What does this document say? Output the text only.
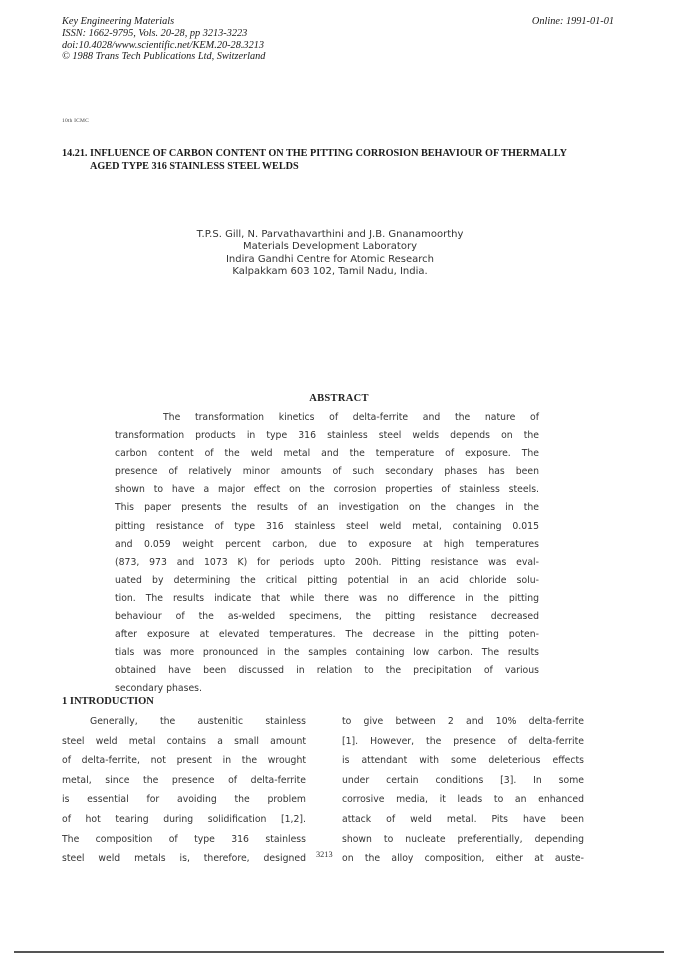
Key Engineering Materials
ISSN: 1662-9795, Vols. 20-28, pp 3213-3223
doi:10.4028/www.scientific.net/KEM.20-28.3213
© 1988 Trans Tech Publications Ltd, Switzerland
Online: 1991-01-01
10th ICMC
14.21. INFLUENCE OF CARBON CONTENT ON THE PITTING CORROSION BEHAVIOUR OF THERMALLY
AGED TYPE 316 STAINLESS STEEL WELDS
T.P.S. Gill, N. Parvathavarthini and J.B. Gnanamoorthy
Materials Development Laboratory
Indira Gandhi Centre for Atomic Research
Kalpakkam 603 102, Tamil Nadu, India.
ABSTRACT
The transformation kinetics of delta-ferrite and the nature of
transformation products in type 316 stainless steel welds depends on the
carbon content of the weld metal and the temperature of exposure. The
presence of relatively minor amounts of such secondary phases has been
shown to have a major effect on the corrosion properties of stainless steels.
This paper presents the results of an investigation on the changes in the
pitting resistance of type 316 stainless steel weld metal, containing 0.015
and 0.059 weight percent carbon, due to exposure at high temperatures
(873, 973 and 1073 K) for periods upto 200h. Pitting resistance was eval-
uated by determining the critical pitting potential in an acid chloride solu-
tion. The results indicate that while there was no difference in the pitting
behaviour of the as-welded specimens, the pitting resistance decreased
after exposure at elevated temperatures. The decrease in the pitting poten-
tials was more pronounced in the samples containing low carbon. The results
obtained have been discussed in relation to the precipitation of various
secondary phases.
1 INTRODUCTION
Generally, the austenitic stainless
steel weld metal contains a small amount
of delta-ferrite, not present in the wrought
metal, since the presence of delta-ferrite
is essential for avoiding the problem
of hot tearing during solidification [1,2].
The composition of type 316 stainless
steel weld metals is, therefore, designed
to give between 2 and 10% delta-ferrite
[1]. However, the presence of delta-ferrite
is attendant with some deleterious effects
under certain conditions [3]. In some
corrosive media, it leads to an enhanced
attack of weld metal. Pits have been
shown to nucleate preferentially, depending
on the alloy composition, either at auste-
3213
